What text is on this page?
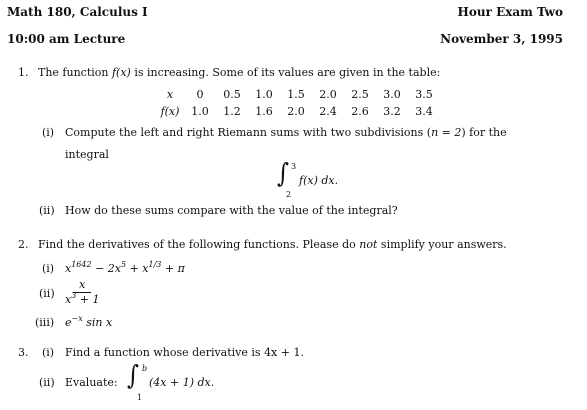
Math 180, Calculus I	Hour Exam Two
10:00 am Lecture	November 3, 1995
1. The function f(x) is increasing. Some of its values are given in the table:
x	0	0.5	1.0	1.5	2.0	2.5	3.0	3.5
f(x)	1.0	1.2	1.6	2.0	2.4	2.6	3.2	3.4
(i) Compute the left and right Riemann sums with two subdivisions (n = 2) for the
integral
∫ 3
2
f(x) dx.
(ii) How do these sums compare with the value of the integral?
2. Find the derivatives of the following functions. Please do not simplify your answers.
(i) $x^{1642} - 2x^5 + x^{1/3} + \pi$
$(ii) \frac{x}{x^3 + 1}$
(iii) $e^{-x}$ sin x
3. (i) Find a function whose derivative is 4x + 1.
(ii) Evaluate: ∫ b
1
(4x + 1) dx.
